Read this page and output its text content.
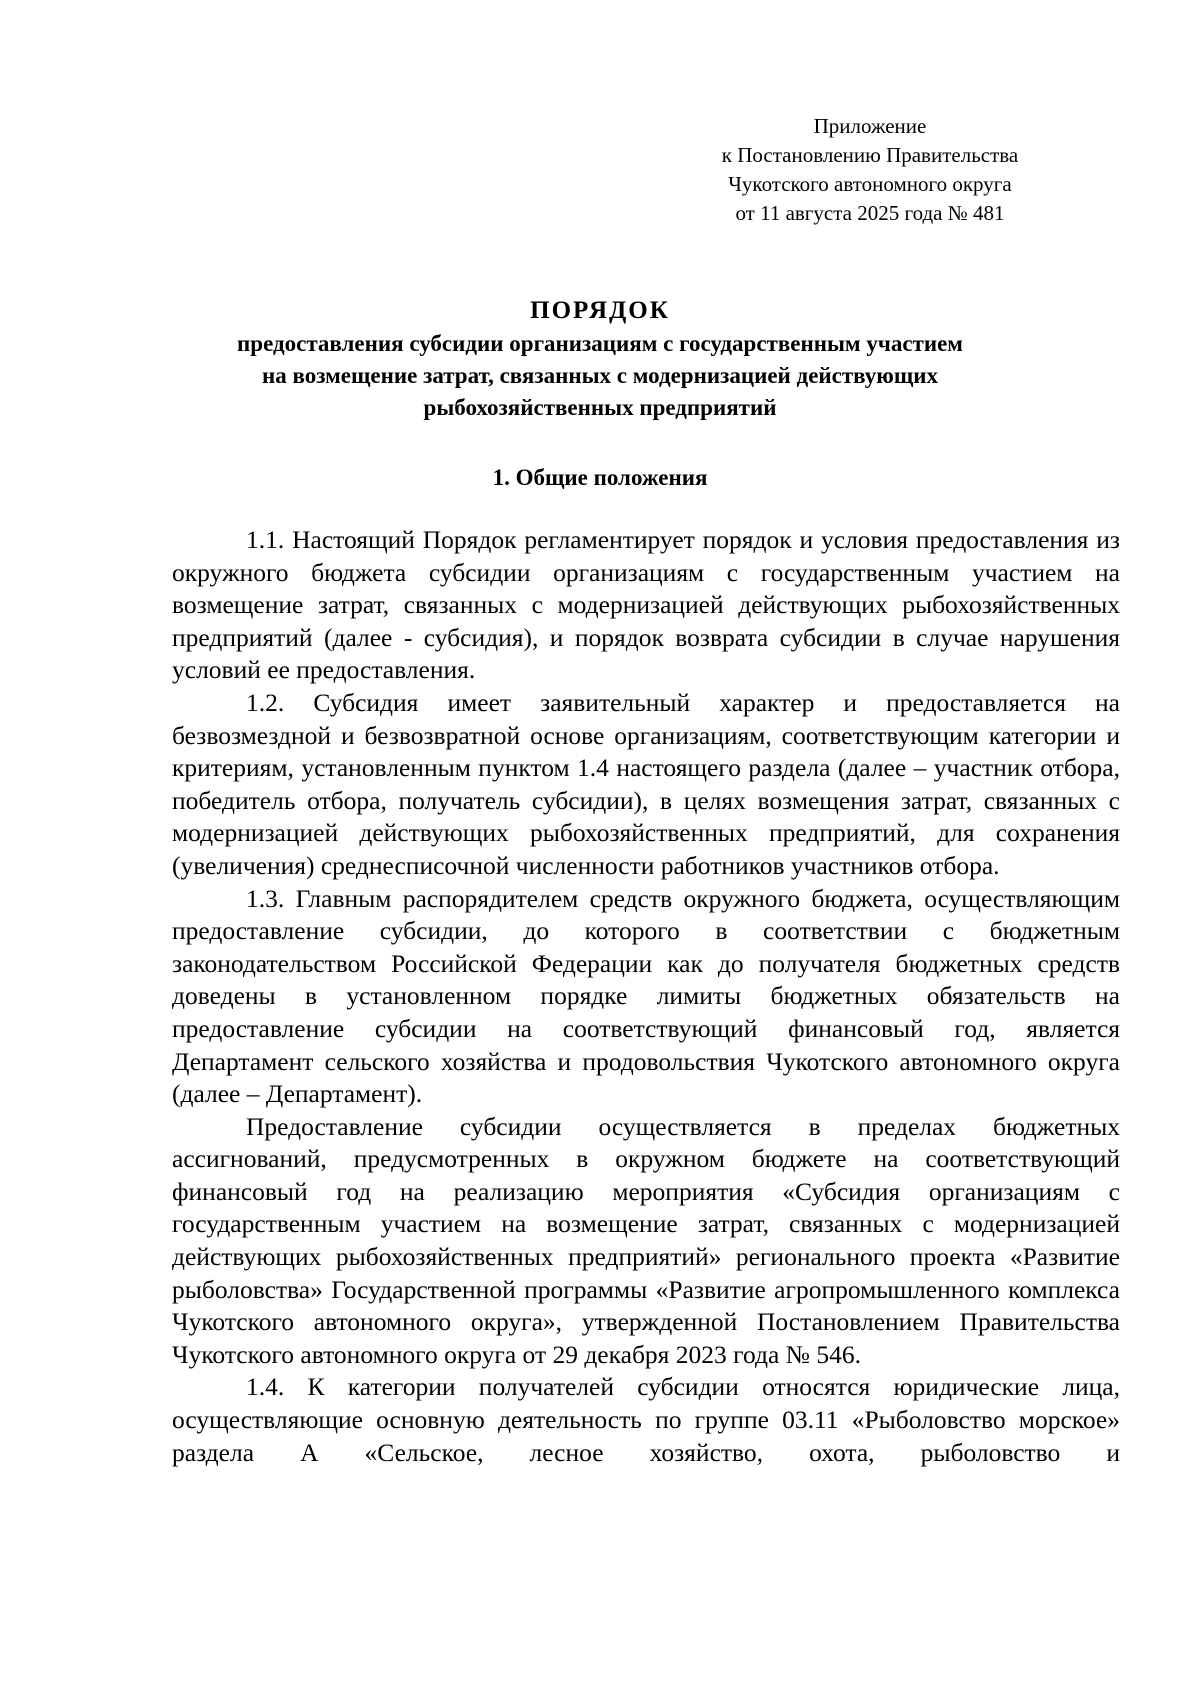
Приложение
к Постановлению Правительства
Чукотского автономного округа
от 11 августа 2025 года № 481
ПОРЯДОК
предоставления субсидии организациям с государственным участием
на возмещение затрат, связанных с модернизацией действующих
рыбохозяйственных предприятий
1. Общие положения

1.1. Настоящий Порядок регламентирует порядок и условия предоставления из окружного бюджета субсидии организациям с государственным участием на возмещение затрат, связанных с модернизацией действующих рыбохозяйственных предприятий (далее - субсидия), и порядок возврата субсидии в случае нарушения условий ее предоставления.

1.2. Субсидия имеет заявительный характер и предоставляется на безвозмездной и безвозвратной основе организациям, соответствующим категории и критериям, установленным пунктом 1.4 настоящего раздела (далее – участник отбора, победитель отбора, получатель субсидии), в целях возмещения затрат, связанных с модернизацией действующих рыбохозяйственных предприятий, для сохранения (увеличения) среднесписочной численности работников участников отбора.

1.3. Главным распорядителем средств окружного бюджета, осуществляющим предоставление субсидии, до которого в соответствии с бюджетным законодательством Российской Федерации как до получателя бюджетных средств доведены в установленном порядке лимиты бюджетных обязательств на предоставление субсидии на соответствующий финансовый год, является Департамент сельского хозяйства и продовольствия Чукотского автономного округа (далее – Департамент).

Предоставление субсидии осуществляется в пределах бюджетных ассигнований, предусмотренных в окружном бюджете на соответствующий финансовый год на реализацию мероприятия «Субсидия организациям с государственным участием на возмещение затрат, связанных с модернизацией действующих рыбохозяйственных предприятий» регионального проекта «Развитие рыболовства» Государственной программы «Развитие агропромышленного комплекса Чукотского автономного округа», утвержденной Постановлением Правительства Чукотского автономного округа от 29 декабря 2023 года № 546.

1.4. К категории получателей субсидии относятся юридические лица, осуществляющие основную деятельность по группе 03.11 «Рыболовство морское» раздела А «Сельское, лесное хозяйство, охота, рыболовство и
